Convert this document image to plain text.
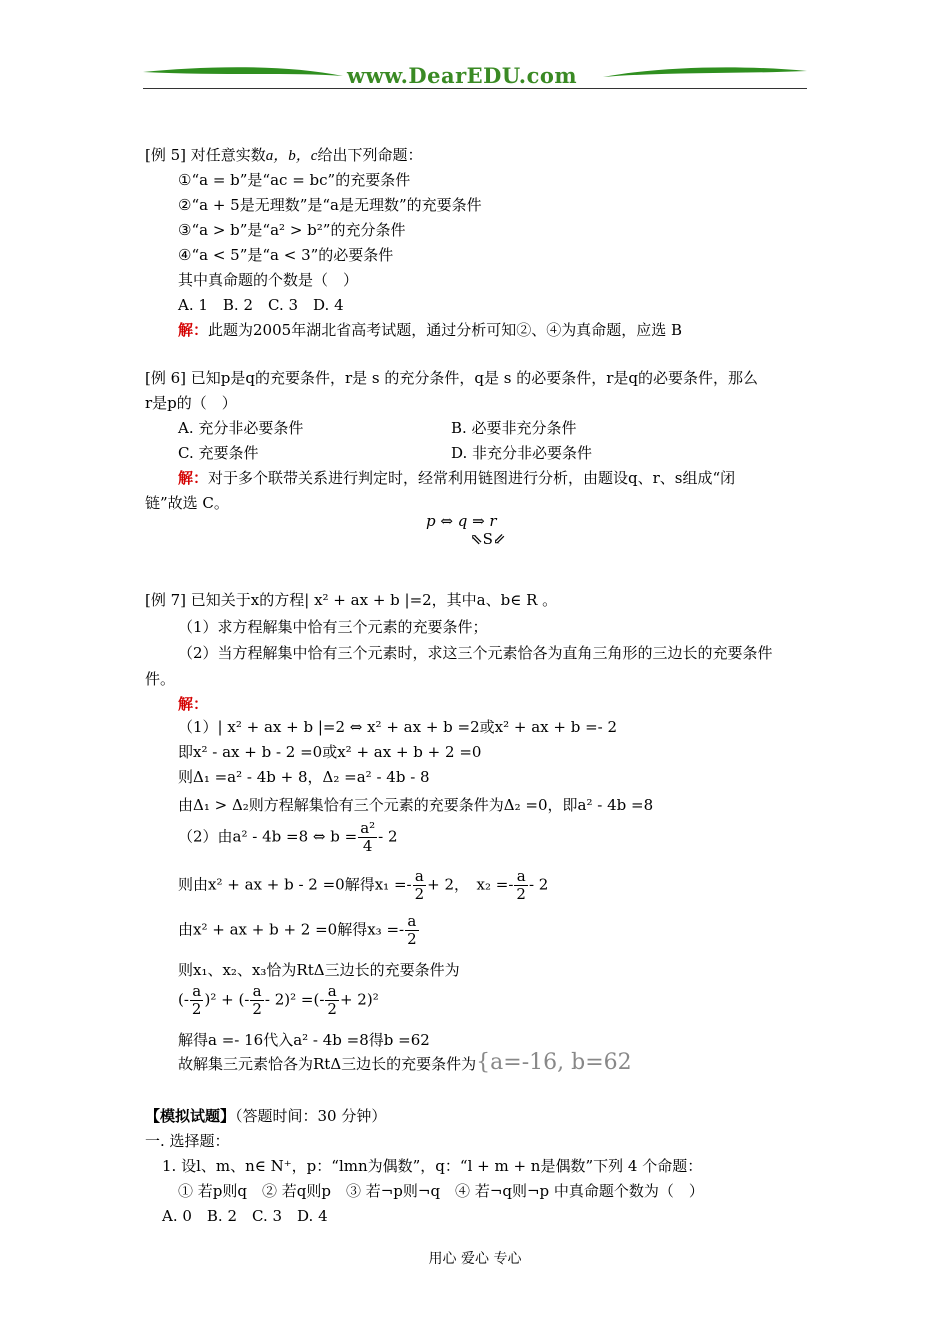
www.DearEDU.com
[例 5] 对任意实数a，b，c给出下列命题：
①“a = b”是“ac = bc”的充要条件
②“a + 5是无理数”是“a是无理数”的充要条件
③“a > b”是“a² > b²”的充分条件
④“a < 5”是“a < 3”的必要条件
其中真命题的个数是（　）
A. 1　B. 2　C. 3　D. 4
解：此题为2005年湖北省高考试题，通过分析可知②、④为真命题，应选 B
[例 6] 已知p是q的充要条件，r是 s 的充分条件，q是 s 的必要条件，r是q的必要条件，那么
r是p的（　）
A. 充分非必要条件	B. 必要非充分条件
C. 充要条件	D. 非充分非必要条件
解：对于多个联带关系进行判定时，经常利用链图进行分析，由题设q、r、s组成“闭
链”故选 C。
p ⇔ q ⇒ r
⇖S⇙
[例 7] 已知关于x的方程| x² + ax + b |=2，其中a、b∈ R 。
（1）求方程解集中恰有三个元素的充要条件；
（2）当方程解集中恰有三个元素时，求这三个元素恰各为直角三角形的三边长的充要条件
件。
解：
（1）| x² + ax + b |=2 ⇔ x² + ax + b =2或x² + ax + b =- 2
即x² - ax + b - 2 =0或x² + ax + b + 2 =0
则Δ₁ =a² - 4b + 8，Δ₂ =a² - 4b - 8
由Δ₁ > Δ₂则方程解集恰有三个元素的充要条件为Δ₂ =0，即a² - 4b =8
（2）由a² - 4b =8 ⇔ $b = \frac{\text{a²}}{4} - 2$
则由x² + ax + b - 2 =0解得$x_1 =- \frac{a}{2} + 2$，　$x_2 =- \frac{a}{2} - 2$
由x² + ax + b + 2 =0解得$x_3 =- \frac{a}{2}$
则x₁、x₂、x₃恰为RtΔ三边长的充要条件为
(- $\frac{a}{2} )^2$ + (- $\frac{a}{2} - 2)^2$ =(- $\frac{a}{2} + 2)^2$
解得a =- 16代入a² - 4b =8得b =62
故解集三元素恰各为RtΔ三边长的充要条件为{a=-16, b=62
【模拟试题】（答题时间：30 分钟）
一. 选择题：
1. 设l、m、n∈ N⁺，p：“lmn为偶数”，q：“l + m + n是偶数”下列 4 个命题：
① 若p则q　② 若q则p　③ 若¬p则¬q　④ 若¬q则¬p 中真命题个数为（　）
A. 0　B. 2　C. 3　D. 4
用心 爱心 专心
